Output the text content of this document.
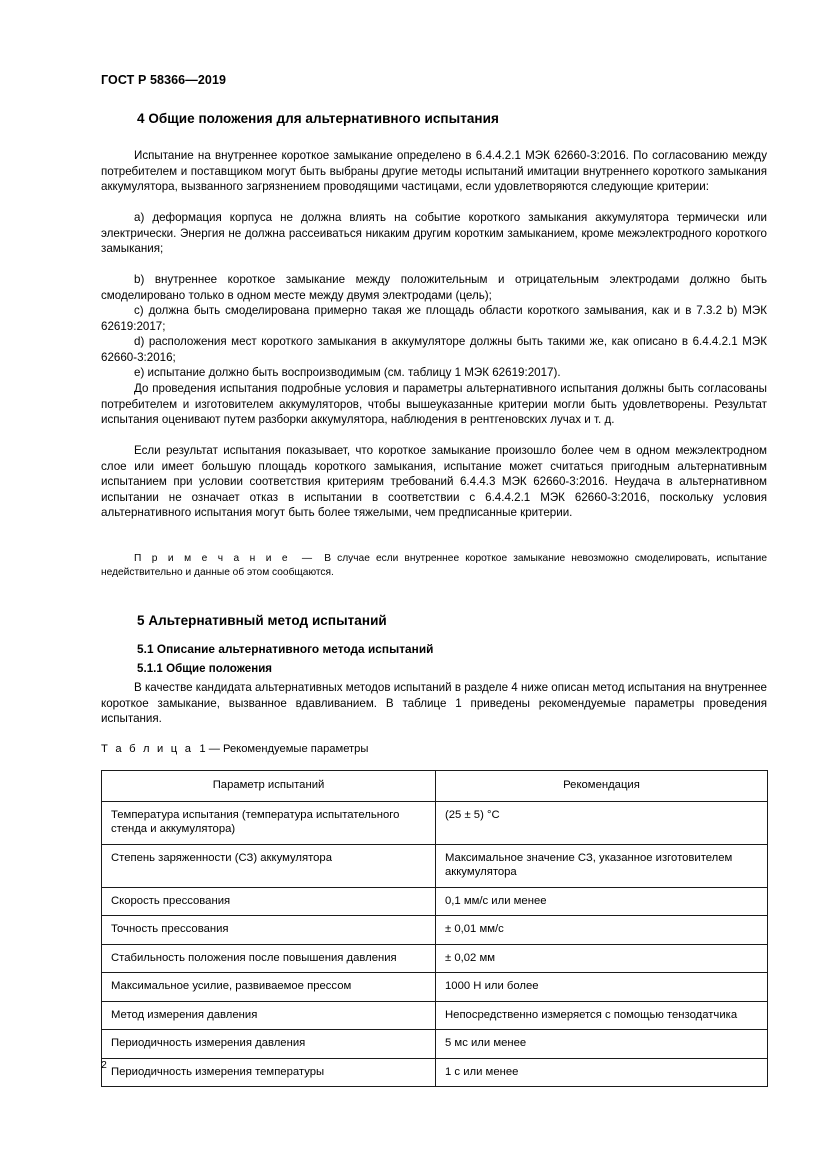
ГОСТ Р 58366—2019
4 Общие положения для альтернативного испытания

Испытание на внутреннее короткое замыкание определено в 6.4.4.2.1 МЭК 62660-3:2016. По согласованию между потребителем и поставщиком могут быть выбраны другие методы испытаний имитации внутреннего короткого замыкания аккумулятора, вызванного загрязнением проводящими частицами, если удовлетворяются следующие критерии:

а) деформация корпуса не должна влиять на событие короткого замыкания аккумулятора термически или электрически. Энергия не должна рассеиваться никаким другим коротким замыканием, кроме межэлектродного короткого замыкания;

b) внутреннее короткое замыкание между положительным и отрицательным электродами должно быть смоделировано только в одном месте между двумя электродами (цель);

c) должна быть смоделирована примерно такая же площадь области короткого замывания, как и в 7.3.2 b) МЭК 62619:2017;

d) расположения мест короткого замыкания в аккумуляторе должны быть такими же, как описано в 6.4.4.2.1 МЭК 62660-3:2016;

e) испытание должно быть воспроизводимым (см. таблицу 1 МЭК 62619:2017).

До проведения испытания подробные условия и параметры альтернативного испытания должны быть согласованы потребителем и изготовителем аккумуляторов, чтобы вышеуказанные критерии могли быть удовлетворены. Результат испытания оценивают путем разборки аккумулятора, наблюдения в рентгеновских лучах и т. д.

Если результат испытания показывает, что короткое замыкание произошло более чем в одном межэлектродном слое или имеет большую площадь короткого замыкания, испытание может считаться пригодным альтернативным испытанием при условии соответствия критериям требований 6.4.4.3 МЭК 62660-3:2016. Неудача в альтернативном испытании не означает отказ в испытании в соответствии с 6.4.4.2.1 МЭК 62660-3:2016, поскольку условия альтернативного испытания могут быть более тяжелыми, чем предписанные критерии.

П р и м е ч а н и е — В случае если внутреннее короткое замыкание невозможно смоделировать, испытание недействительно и данные об этом сообщаются.

5 Альтернативный метод испытаний
5.1 Описание альтернативного метода испытаний
5.1.1 Общие положения

В качестве кандидата альтернативных методов испытаний в разделе 4 ниже описан метод испытания на внутреннее короткое замыкание, вызванное вдавливанием. В таблице 1 приведены рекомендуемые параметры проведения испытания.

Т а б л и ц а 1 — Рекомендуемые параметры

Параметр испытаний	Рекомендация
Температура испытания (температура испытательного стенда и аккумулятора)	(25 ± 5) °С
Степень заряженности (СЗ) аккумулятора	Максимальное значение СЗ, указанное изготовителем аккумулятора
Скорость прессования	0,1 мм/с или менее
Точность прессования	± 0,01 мм/с
Стабильность положения после повышения давления	± 0,02 мм
Максимальное усилие, развиваемое прессом	1000 Н или более
Метод измерения давления	Непосредственно измеряется с помощью тензодатчика
Периодичность измерения давления	5 мс или менее
Периодичность измерения температуры	1 с или менее
2
